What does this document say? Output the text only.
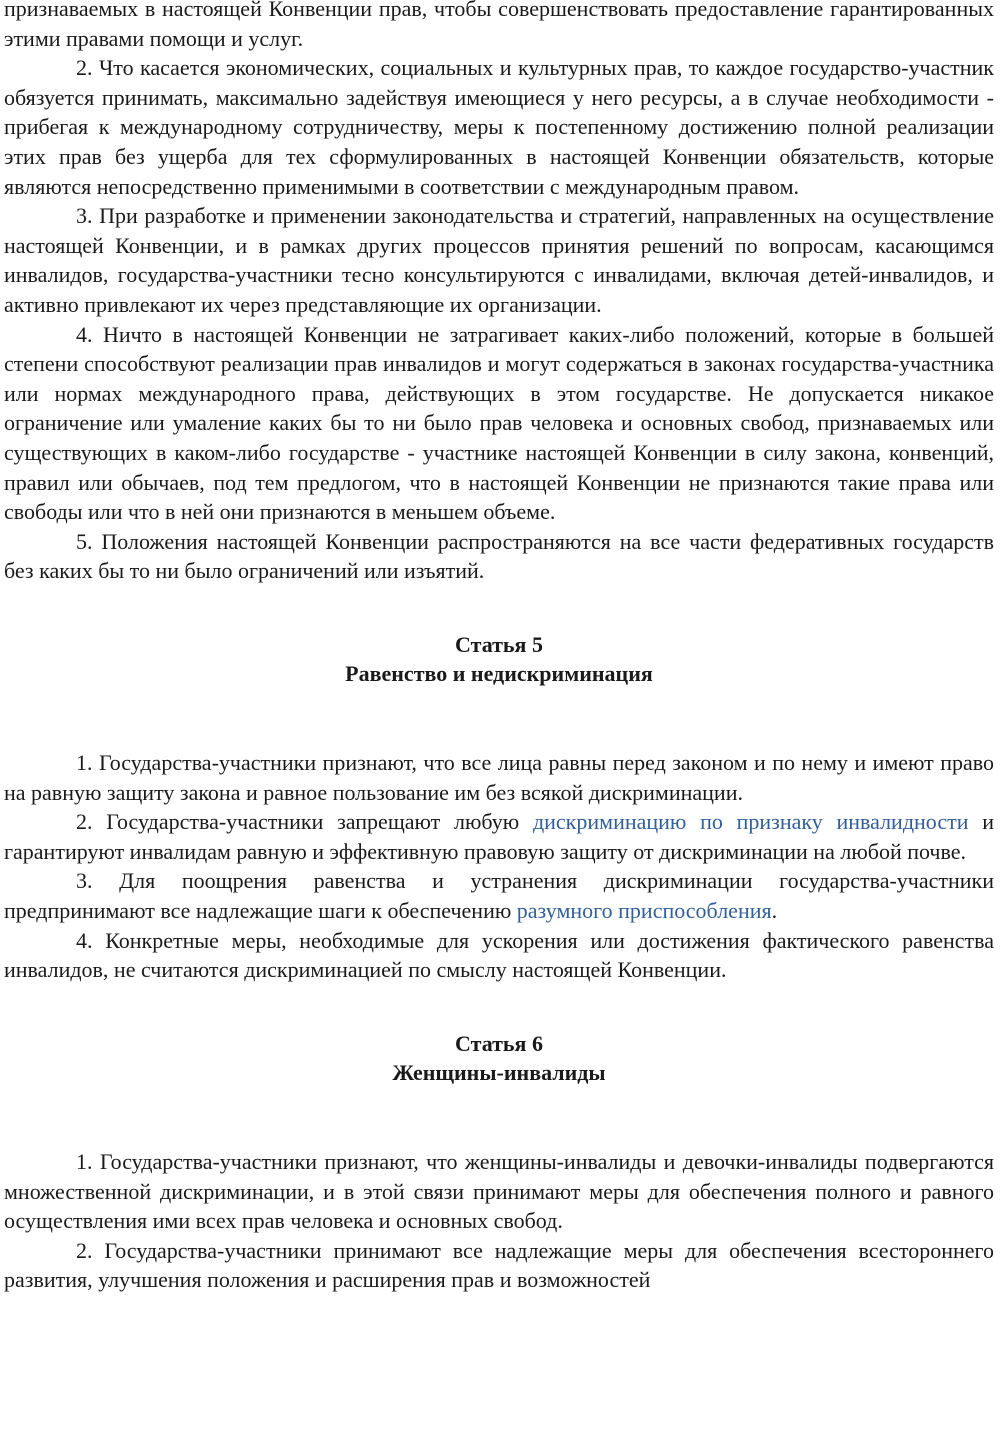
признаваемых в настоящей Конвенции прав, чтобы совершенствовать предоставление гарантированных этими правами помощи и услуг.

2. Что касается экономических, социальных и культурных прав, то каждое государство-участник обязуется принимать, максимально задействуя имеющиеся у него ресурсы, а в случае необходимости - прибегая к международному сотрудничеству, меры к постепенному достижению полной реализации этих прав без ущерба для тех сформулированных в настоящей Конвенции обязательств, которые являются непосредственно применимыми в соответствии с международным правом.

3. При разработке и применении законодательства и стратегий, направленных на осуществление настоящей Конвенции, и в рамках других процессов принятия решений по вопросам, касающимся инвалидов, государства-участники тесно консультируются с инвалидами, включая детей-инвалидов, и активно привлекают их через представляющие их организации.

4. Ничто в настоящей Конвенции не затрагивает каких-либо положений, которые в большей степени способствуют реализации прав инвалидов и могут содержаться в законах государства-участника или нормах международного права, действующих в этом государстве. Не допускается никакое ограничение или умаление каких бы то ни было прав человека и основных свобод, признаваемых или существующих в каком-либо государстве - участнике настоящей Конвенции в силу закона, конвенций, правил или обычаев, под тем предлогом, что в настоящей Конвенции не признаются такие права или свободы или что в ней они признаются в меньшем объеме.

5. Положения настоящей Конвенции распространяются на все части федеративных государств без каких бы то ни было ограничений или изъятий.

Статья 5
Равенство и недискриминация

1. Государства-участники признают, что все лица равны перед законом и по нему и имеют право на равную защиту закона и равное пользование им без всякой дискриминации.

2. Государства-участники запрещают любую дискриминацию по признаку инвалидности и гарантируют инвалидам равную и эффективную правовую защиту от дискриминации на любой почве.

3. Для поощрения равенства и устранения дискриминации государства-участники предпринимают все надлежащие шаги к обеспечению разумного приспособления.

4. Конкретные меры, необходимые для ускорения или достижения фактического равенства инвалидов, не считаются дискриминацией по смыслу настоящей Конвенции.

Статья 6
Женщины-инвалиды

1. Государства-участники признают, что женщины-инвалиды и девочки-инвалиды подвергаются множественной дискриминации, и в этой связи принимают меры для обеспечения полного и равного осуществления ими всех прав человека и основных свобод.

2. Государства-участники принимают все надлежащие меры для обеспечения всестороннего развития, улучшения положения и расширения прав и возможностей
